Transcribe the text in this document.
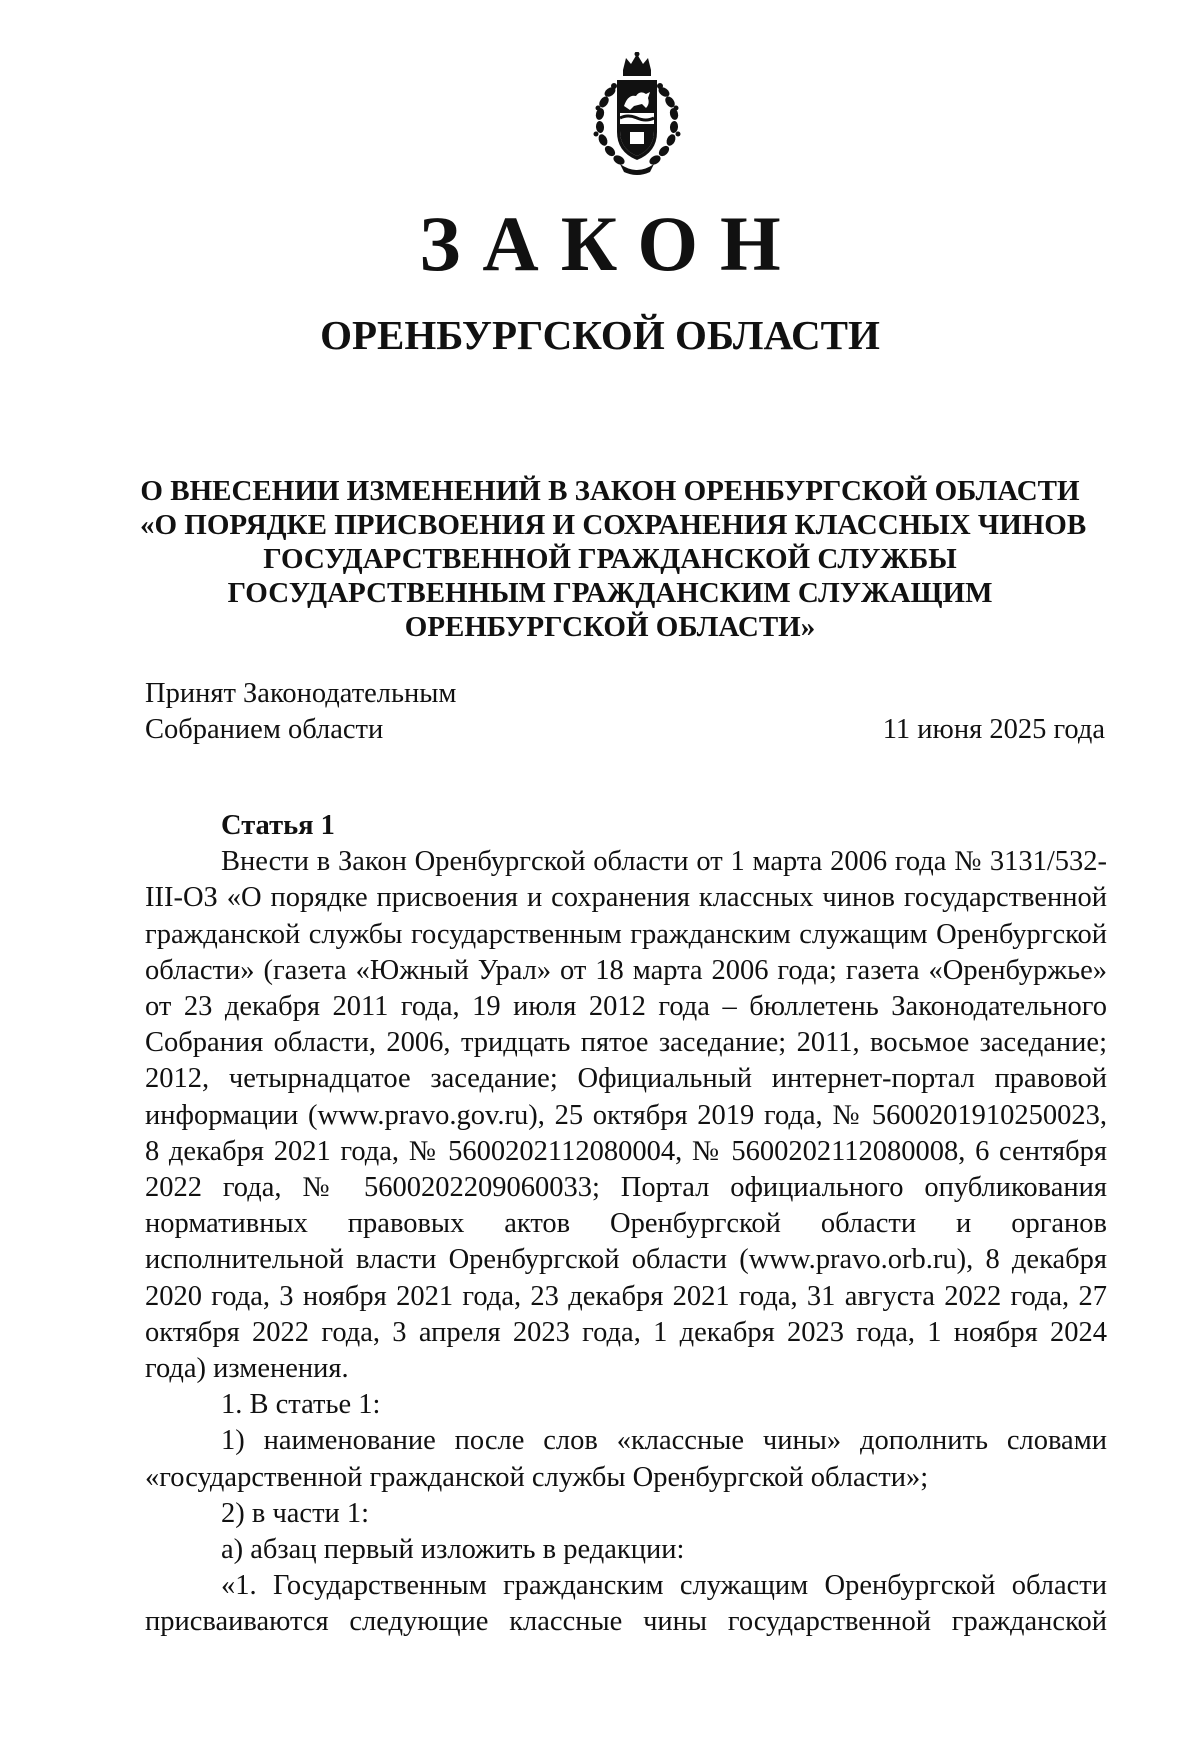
ЗАКОН
ОРЕНБУРГСКОЙ ОБЛАСТИ
О ВНЕСЕНИИ ИЗМЕНЕНИЙ В ЗАКОН ОРЕНБУРГСКОЙ ОБЛАСТИ
«О ПОРЯДКЕ ПРИСВОЕНИЯ И СОХРАНЕНИЯ КЛАССНЫХ ЧИНОВ
ГОСУДАРСТВЕННОЙ ГРАЖДАНСКОЙ СЛУЖБЫ
ГОСУДАРСТВЕННЫМ ГРАЖДАНСКИМ СЛУЖАЩИМ
ОРЕНБУРГСКОЙ ОБЛАСТИ»
Принят Законодательным
Собранием области	11 июня 2025 года
Статья 1

Внести в Закон Оренбургской области от 1 марта 2006 года № 3131/532-III-ОЗ «О порядке присвоения и сохранения классных чинов государственной гражданской службы государственным гражданским служащим Оренбургской области» (газета «Южный Урал» от 18 марта 2006 года; газета «Оренбуржье» от 23 декабря 2011 года, 19 июля 2012 года – бюллетень Законодательного Собрания области, 2006, тридцать пятое заседание; 2011, восьмое заседание; 2012, четырнадцатое заседание; Официальный интернет-портал правовой информации (www.pravo.gov.ru), 25 октября 2019 года, № 5600201910250023, 8 декабря 2021 года, № 5600202112080004, № 5600202112080008, 6 сентября 2022 года, № 5600202209060033; Портал официального опубликования нормативных правовых актов Оренбургской области и органов исполнительной власти Оренбургской области (www.pravo.orb.ru), 8 декабря 2020 года, 3 ноября 2021 года, 23 декабря 2021 года, 31 августа 2022 года, 27 октября 2022 года, 3 апреля 2023 года, 1 декабря 2023 года, 1 ноября 2024 года) изменения.

1. В статье 1:

1) наименование после слов «классные чины» дополнить словами «государственной гражданской службы Оренбургской области»;

2) в части 1:

а) абзац первый изложить в редакции:

«1. Государственным гражданским служащим Оренбургской области присваиваются следующие классные чины государственной гражданской
